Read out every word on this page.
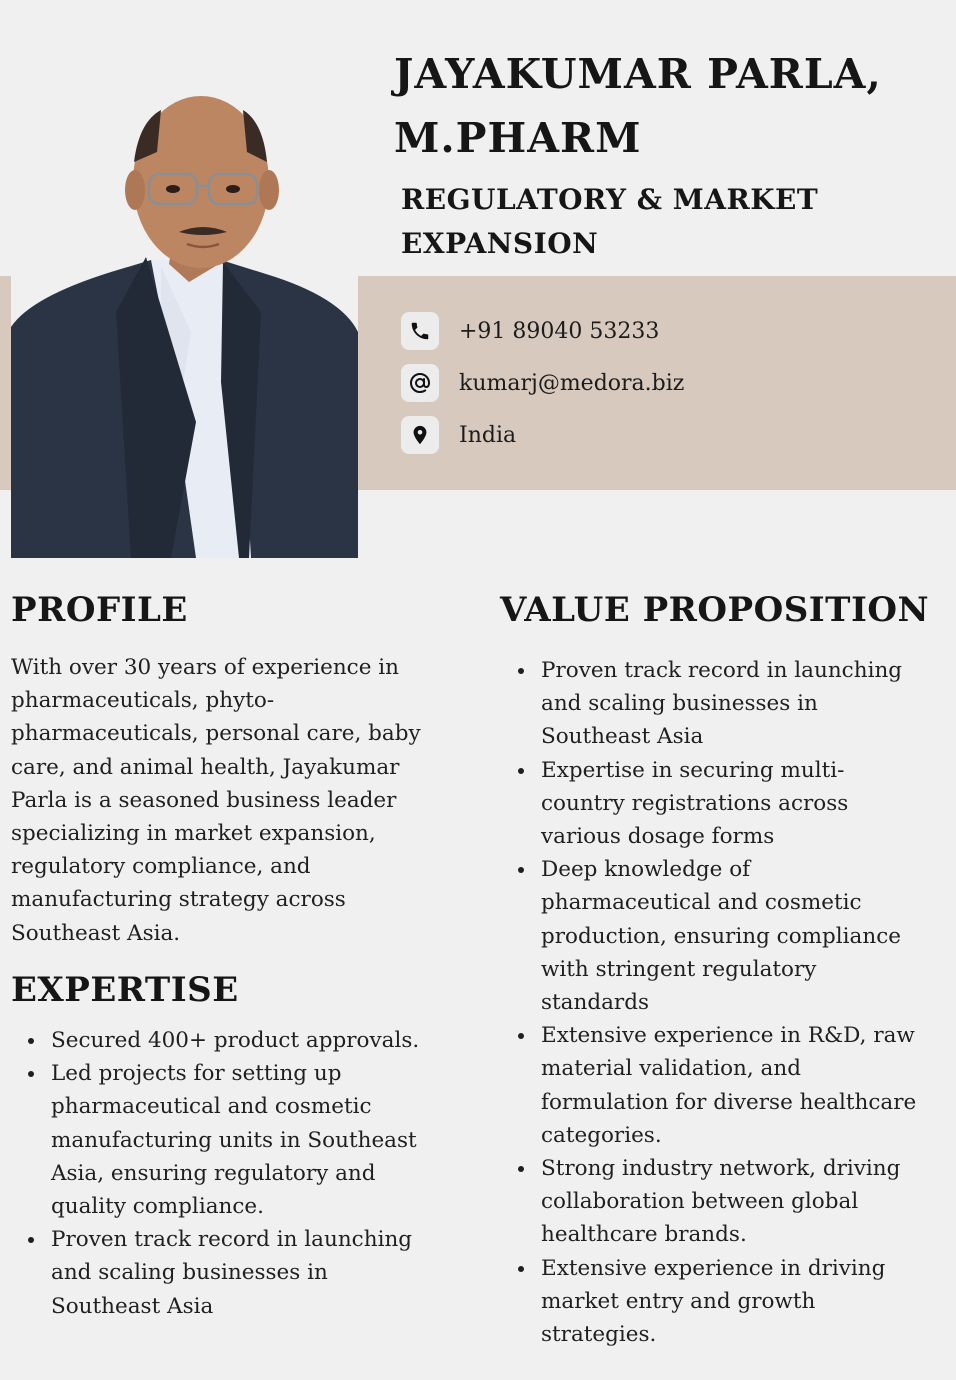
JAYAKUMAR PARLA, M.PHARM
REGULATORY & MARKET EXPANSION
+91 89040 53233
kumarj@medora.biz
India
PROFILE

With over 30 years of experience in pharmaceuticals, phyto-pharmaceuticals, personal care, baby care, and animal health, Jayakumar Parla is a seasoned business leader specializing in market expansion, regulatory compliance, and manufacturing strategy across Southeast Asia.

EXPERTISE
Secured 400+ product approvals.
Led projects for setting up pharmaceutical and cosmetic manufacturing units in Southeast Asia, ensuring regulatory and quality compliance.
Proven track record in launching and scaling businesses in Southeast Asia
VALUE PROPOSITION
Proven track record in launching and scaling businesses in Southeast Asia
Expertise in securing multi-country registrations across various dosage forms
Deep knowledge of pharmaceutical and cosmetic production, ensuring compliance with stringent regulatory standards
Extensive experience in R&D, raw material validation, and formulation for diverse healthcare categories.
Strong industry network, driving collaboration between global healthcare brands.
Extensive experience in driving market entry and growth strategies.
